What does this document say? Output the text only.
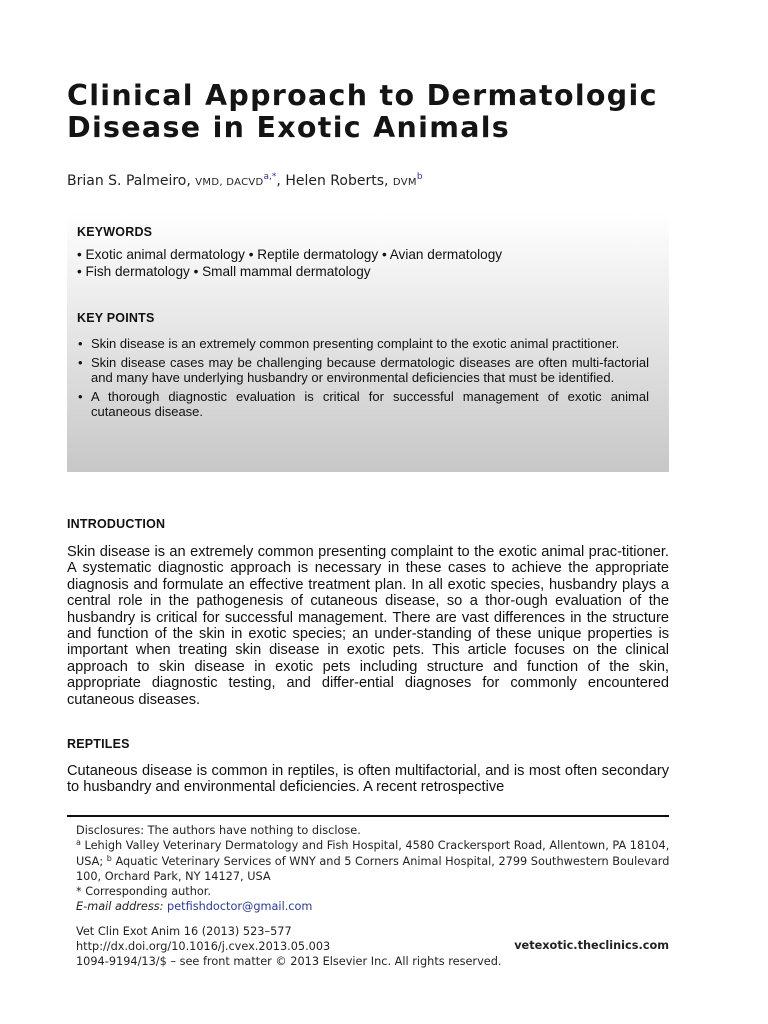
Clinical Approach to Dermatologic
Disease in Exotic Animals
Brian S. Palmeiro, VMD, $DACVD^{a,*}$, Helen Roberts, DVM$^b$
KEYWORDS
• Exotic animal dermatology • Reptile dermatology • Avian dermatology
• Fish dermatology • Small mammal dermatology
KEY POINTS
• Skin disease is an extremely common presenting complaint to the exotic animal practitioner.
• Skin disease cases may be challenging because dermatologic diseases are often multi-factorial and many have underlying husbandry or environmental deficiencies that must be identified.
• A thorough diagnostic evaluation is critical for successful management of exotic animal cutaneous disease.
INTRODUCTION

Skin disease is an extremely common presenting complaint to the exotic animal prac-titioner. A systematic diagnostic approach is necessary in these cases to achieve the appropriate diagnosis and formulate an effective treatment plan. In all exotic species, husbandry plays a central role in the pathogenesis of cutaneous disease, so a thor-ough evaluation of the husbandry is critical for successful management. There are vast differences in the structure and function of the skin in exotic species; an under-standing of these unique properties is important when treating skin disease in exotic pets. This article focuses on the clinical approach to skin disease in exotic pets including structure and function of the skin, appropriate diagnostic testing, and differ-ential diagnoses for commonly encountered cutaneous diseases.

REPTILES

Cutaneous disease is common in reptiles, is often multifactorial, and is most often secondary to husbandry and environmental deficiencies. A recent retrospective

Disclosures: The authors have nothing to disclose.
$^a$ Lehigh Valley Veterinary Dermatology and Fish Hospital, 4580 Crackersport Road, Allentown, PA 18104, USA; $^b$ Aquatic Veterinary Services of WNY and 5 Corners Animal Hospital, 2799 Southwestern Boulevard 100, Orchard Park, NY 14127, USA
* Corresponding author.
E-mail address: petfishdoctor@gmail.com
Vet Clin Exot Anim 16 (2013) 523–577
http://dx.doi.org/10.1016/j.cvex.2013.05.003	vetexotic.theclinics.com
1094-9194/13/$ – see front matter © 2013 Elsevier Inc. All rights reserved.
